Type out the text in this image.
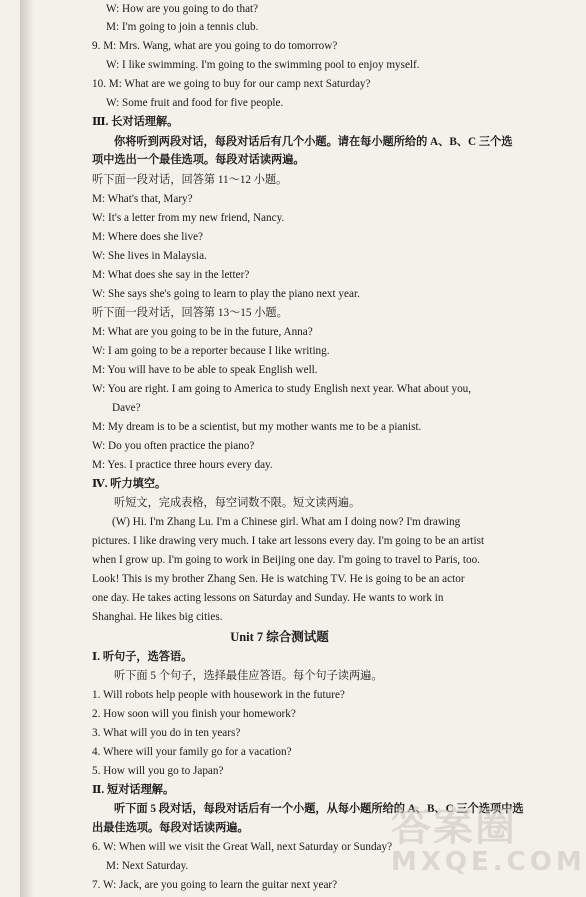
W: How are you going to do that?
M: I'm going to join a tennis club.
9. M: Mrs. Wang, what are you going to do tomorrow?
W: I like swimming. I'm going to the swimming pool to enjoy myself.
10. M: What are we going to buy for our camp next Saturday?
W: Some fruit and food for five people.
Ⅲ. 长对话理解。
你将听到两段对话，每段对话后有几个小题。请在每小题所给的 A、B、C 三个选
项中选出一个最佳选项。每段对话读两遍。
听下面一段对话，回答第 11～12 小题。
M: What's that, Mary?
W: It's a letter from my new friend, Nancy.
M: Where does she live?
W: She lives in Malaysia.
M: What does she say in the letter?
W: She says she's going to learn to play the piano next year.
听下面一段对话，回答第 13～15 小题。
M: What are you going to be in the future, Anna?
W: I am going to be a reporter because I like writing.
M: You will have to be able to speak English well.
W: You are right. I am going to America to study English next year. What about you,
Dave?
M: My dream is to be a scientist, but my mother wants me to be a pianist.
W: Do you often practice the piano?
M: Yes. I practice three hours every day.
Ⅳ. 听力填空。
听短文，完成表格，每空词数不限。短文读两遍。
(W) Hi. I'm Zhang Lu. I'm a Chinese girl. What am I doing now? I'm drawing
pictures. I like drawing very much. I take art lessons every day. I'm going to be an artist
when I grow up. I'm going to work in Beijing one day. I'm going to travel to Paris, too.
Look! This is my brother Zhang Sen. He is watching TV. He is going to be an actor
one day. He takes acting lessons on Saturday and Sunday. He wants to work in
Shanghai. He likes big cities.
Unit 7 综合测试题
Ⅰ. 听句子，选答语。
听下面 5 个句子，选择最佳应答语。每个句子读两遍。
1. Will robots help people with housework in the future?
2. How soon will you finish your homework?
3. What will you do in ten years?
4. Where will your family go for a vacation?
5. How will you go to Japan?
Ⅱ. 短对话理解。
听下面 5 段对话，每段对话后有一个小题，从每小题所给的 A、B、C 三个选项中选
出最佳选项。每段对话读两遍。
6. W: When will we visit the Great Wall, next Saturday or Sunday?
M: Next Saturday.
7. W: Jack, are you going to learn the guitar next year?
答案圈
MXQE.COM
